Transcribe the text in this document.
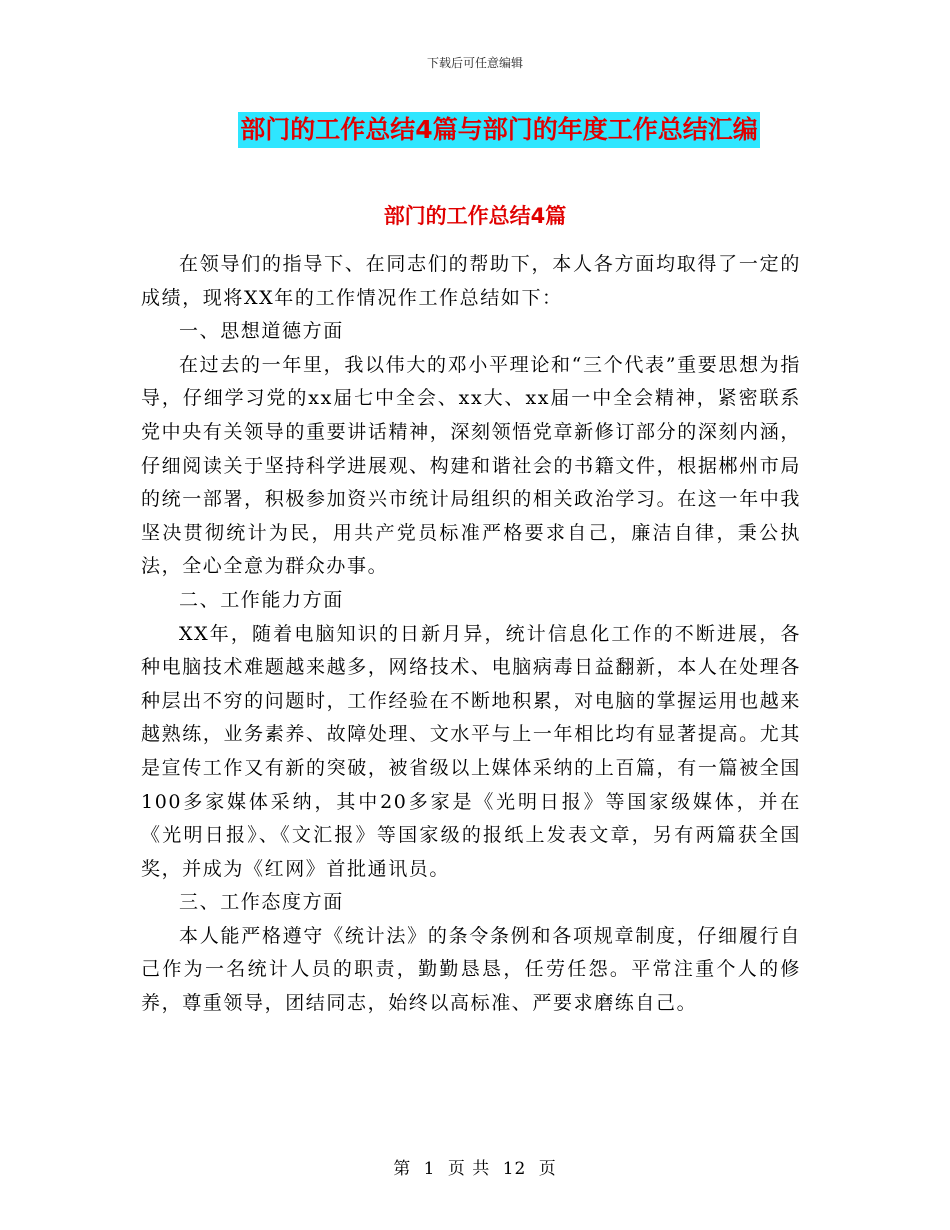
下载后可任意编辑
部门的工作总结4篇与部门的年度工作总结汇编
部门的工作总结4篇

在领导们的指导下、在同志们的帮助下，本人各方面均取得了一定的成绩，现将XX年的工作情况作工作总结如下：

一、思想道德方面

在过去的一年里，我以伟大的邓小平理论和“三个代表”重要思想为指导，仔细学习党的xx届七中全会、xx大、xx届一中全会精神，紧密联系党中央有关领导的重要讲话精神，深刻领悟党章新修订部分的深刻内涵，仔细阅读关于坚持科学进展观、构建和谐社会的书籍文件，根据郴州市局的统一部署，积极参加资兴市统计局组织的相关政治学习。在这一年中我坚决贯彻统计为民，用共产党员标准严格要求自己，廉洁自律，秉公执法，全心全意为群众办事。

二、工作能力方面

XX年，随着电脑知识的日新月异，统计信息化工作的不断进展，各种电脑技术难题越来越多，网络技术、电脑病毒日益翻新，本人在处理各种层出不穷的问题时，工作经验在不断地积累，对电脑的掌握运用也越来越熟练，业务素养、故障处理、文水平与上一年相比均有显著提高。尤其是宣传工作又有新的突破，被省级以上媒体采纳的上百篇，有一篇被全国100多家媒体采纳，其中20多家是《光明日报》等国家级媒体，并在《光明日报》、《文汇报》等国家级的报纸上发表文章，另有两篇获全国奖，并成为《红网》首批通讯员。

三、工作态度方面

本人能严格遵守《统计法》的条令条例和各项规章制度，仔细履行自己作为一名统计人员的职责，勤勤恳恳，任劳任怨。平常注重个人的修养，尊重领导，团结同志，始终以高标准、严要求磨练自己。

第 1 页 共 12 页
